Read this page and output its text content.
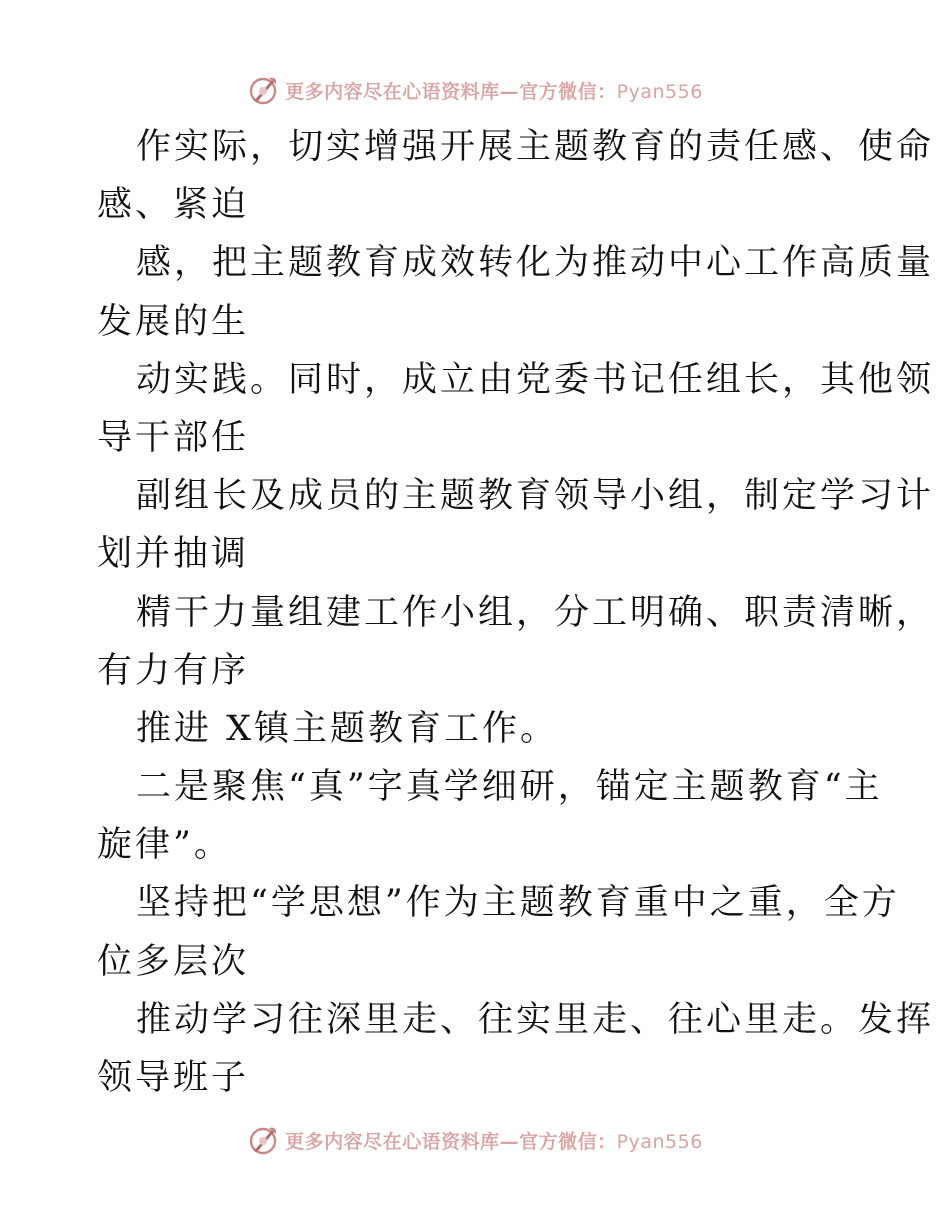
更多内容尽在心语资料库—官方微信：Pyan556
作实际，切实增强开展主题教育的责任感、使命
感、紧迫
感，把主题教育成效转化为推动中心工作高质量
发展的生
动实践。同时，成立由党委书记任组长，其他领
导干部任
副组长及成员的主题教育领导小组，制定学习计
划并抽调
精干力量组建工作小组，分工明确、职责清晰，
有力有序
推进 X镇主题教育工作。
二是聚焦“真”字真学细研，锚定主题教育“主
旋律”。
坚持把“学思想”作为主题教育重中之重，全方
位多层次
推动学习往深里走、往实里走、往心里走。发挥
领导班子
更多内容尽在心语资料库—官方微信：Pyan556
